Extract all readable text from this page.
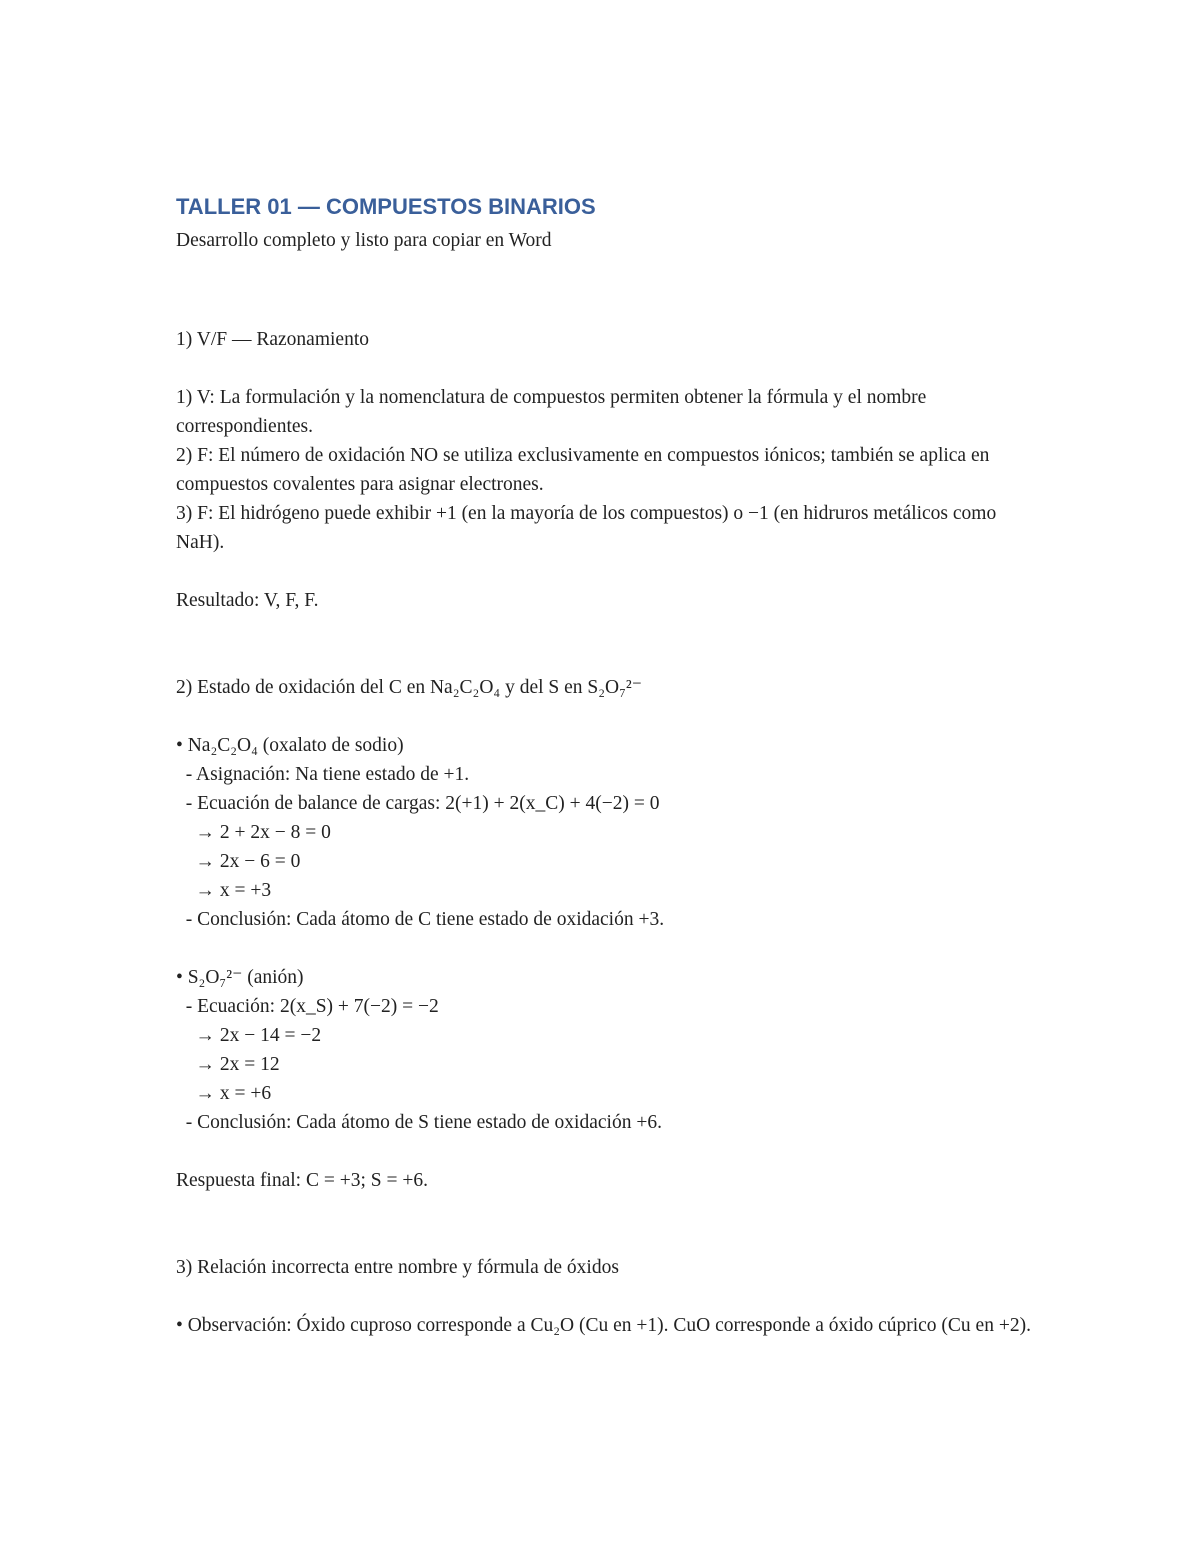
TALLER 01 — COMPUESTOS BINARIOS

Desarrollo completo y listo para copiar en Word

1) V/F — Razonamiento

1) V: La formulación y la nomenclatura de compuestos permiten obtener la fórmula y el nombre correspondientes.

2) F: El número de oxidación NO se utiliza exclusivamente en compuestos iónicos; también se aplica en compuestos covalentes para asignar electrones.

3) F: El hidrógeno puede exhibir +1 (en la mayoría de los compuestos) o −1 (en hidruros metálicos como NaH).

Resultado: V, F, F.

2) Estado de oxidación del C en Na₂C₂O₄ y del S en S₂O₇²⁻

• Na₂C₂O₄ (oxalato de sodio)

- Asignación: Na tiene estado de +1.

- Ecuación de balance de cargas: 2(+1) + 2(x_C) + 4(−2) = 0

→ 2 + 2x − 8 = 0

→ 2x − 6 = 0

→ x = +3

- Conclusión: Cada átomo de C tiene estado de oxidación +3.

• S₂O₇²⁻ (anión)

- Ecuación: 2(x_S) + 7(−2) = −2

→ 2x − 14 = −2

→ 2x = 12

→ x = +6

- Conclusión: Cada átomo de S tiene estado de oxidación +6.

Respuesta final: C = +3; S = +6.

3) Relación incorrecta entre nombre y fórmula de óxidos

• Observación: Óxido cuproso corresponde a Cu₂O (Cu en +1). CuO corresponde a óxido cúprico (Cu en +2).
